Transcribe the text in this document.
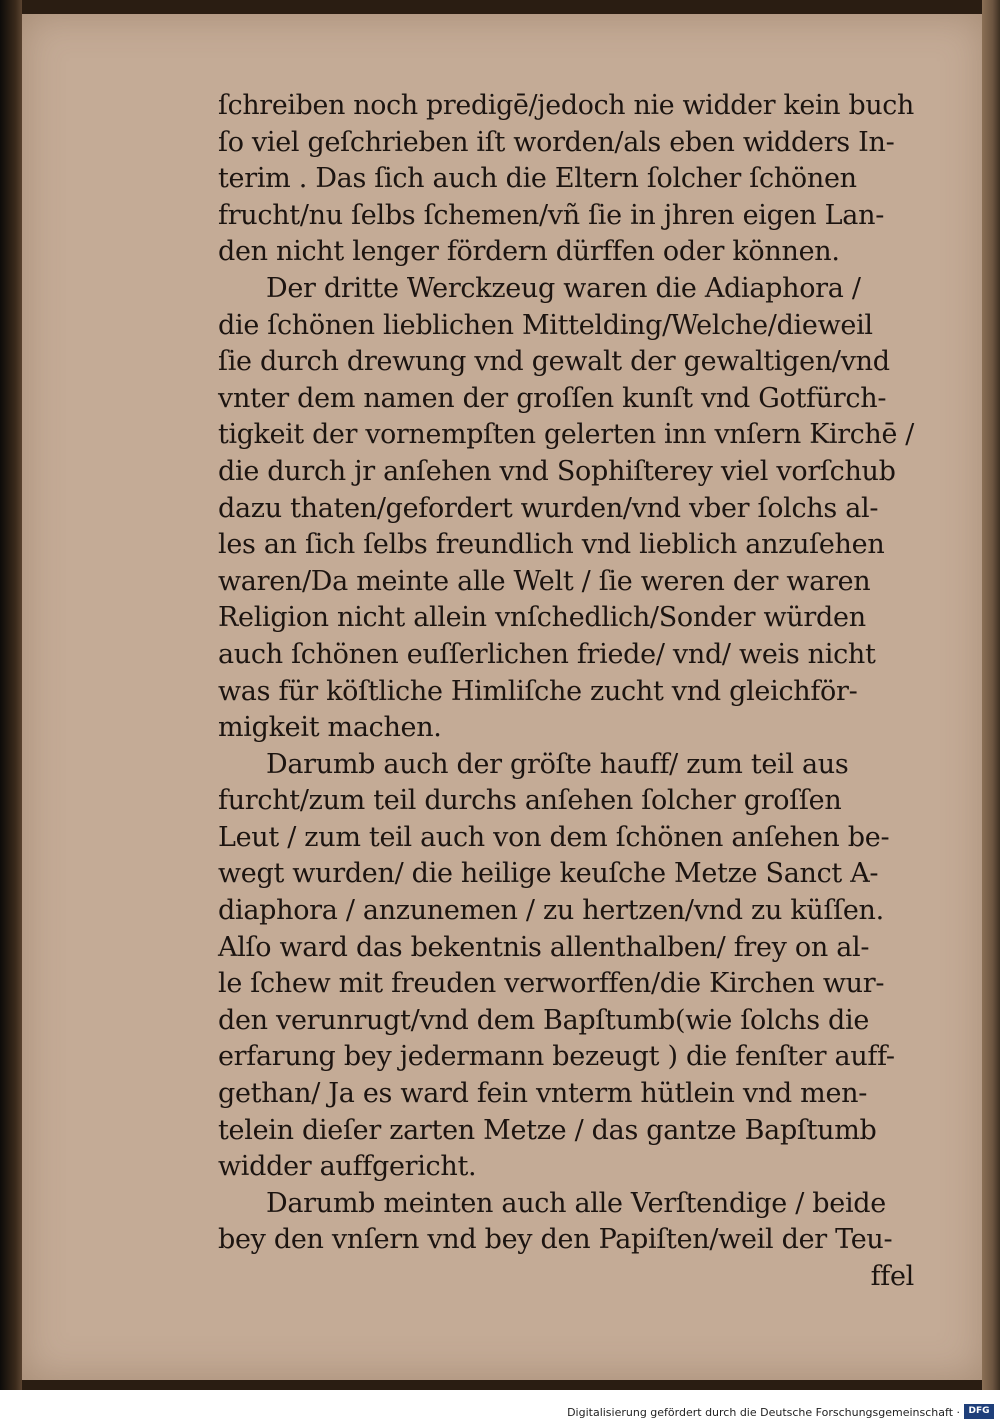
ſchreiben noch predigē/jedoch nie widder kein buch
ſo viel geſchrieben iſt worden/als eben widders In-
terim . Das ſich auch die Eltern ſolcher ſchönen
frucht/nu ſelbs ſchemen/vñ ſie in jhren eigen Lan-
den nicht lenger fördern dürffen oder können.
Der dritte Werckzeug waren die Adiaphora /
die ſchönen lieblichen Mittelding/Welche/dieweil
ſie durch drewung vnd gewalt der gewaltigen/vnd
vnter dem namen der groſſen kunſt vnd Gotfürch-
tigkeit der vornempſten gelerten inn vnſern Kirchē /
die durch jr anſehen vnd Sophiſterey viel vorſchub
dazu thaten/gefordert wurden/vnd vber ſolchs al-
les an ſich ſelbs freundlich vnd lieblich anzuſehen
waren/Da meinte alle Welt / ſie weren der waren
Religion nicht allein vnſchedlich/Sonder würden
auch ſchönen euſſerlichen friede/ vnd/ weis nicht
was für köſtliche Himliſche zucht vnd gleichför-
migkeit machen.
Darumb auch der gröſte hauff/ zum teil aus
furcht/zum teil durchs anſehen ſolcher groſſen
Leut / zum teil auch von dem ſchönen anſehen be-
wegt wurden/ die heilige keuſche Metze Sanct A-
diaphora / anzunemen / zu hertzen/vnd zu küſſen.
Alſo ward das bekentnis allenthalben/ frey on al-
le ſchew mit freuden verworffen/die Kirchen wur-
den verunrugt/vnd dem Bapſtumb(wie ſolchs die
erfarung bey jedermann bezeugt ) die fenſter auff-
gethan/ Ja es ward fein vnterm hütlein vnd men-
telein dieſer zarten Metze / das gantze Bapſtumb
widder auffgericht.
Darumb meinten auch alle Verſtendige / beide
bey den vnſern vnd bey den Papiſten/weil der Teu-
ffel
Digitalisierung gefördert durch die Deutsche Forschungsgemeinschaft · DFG
